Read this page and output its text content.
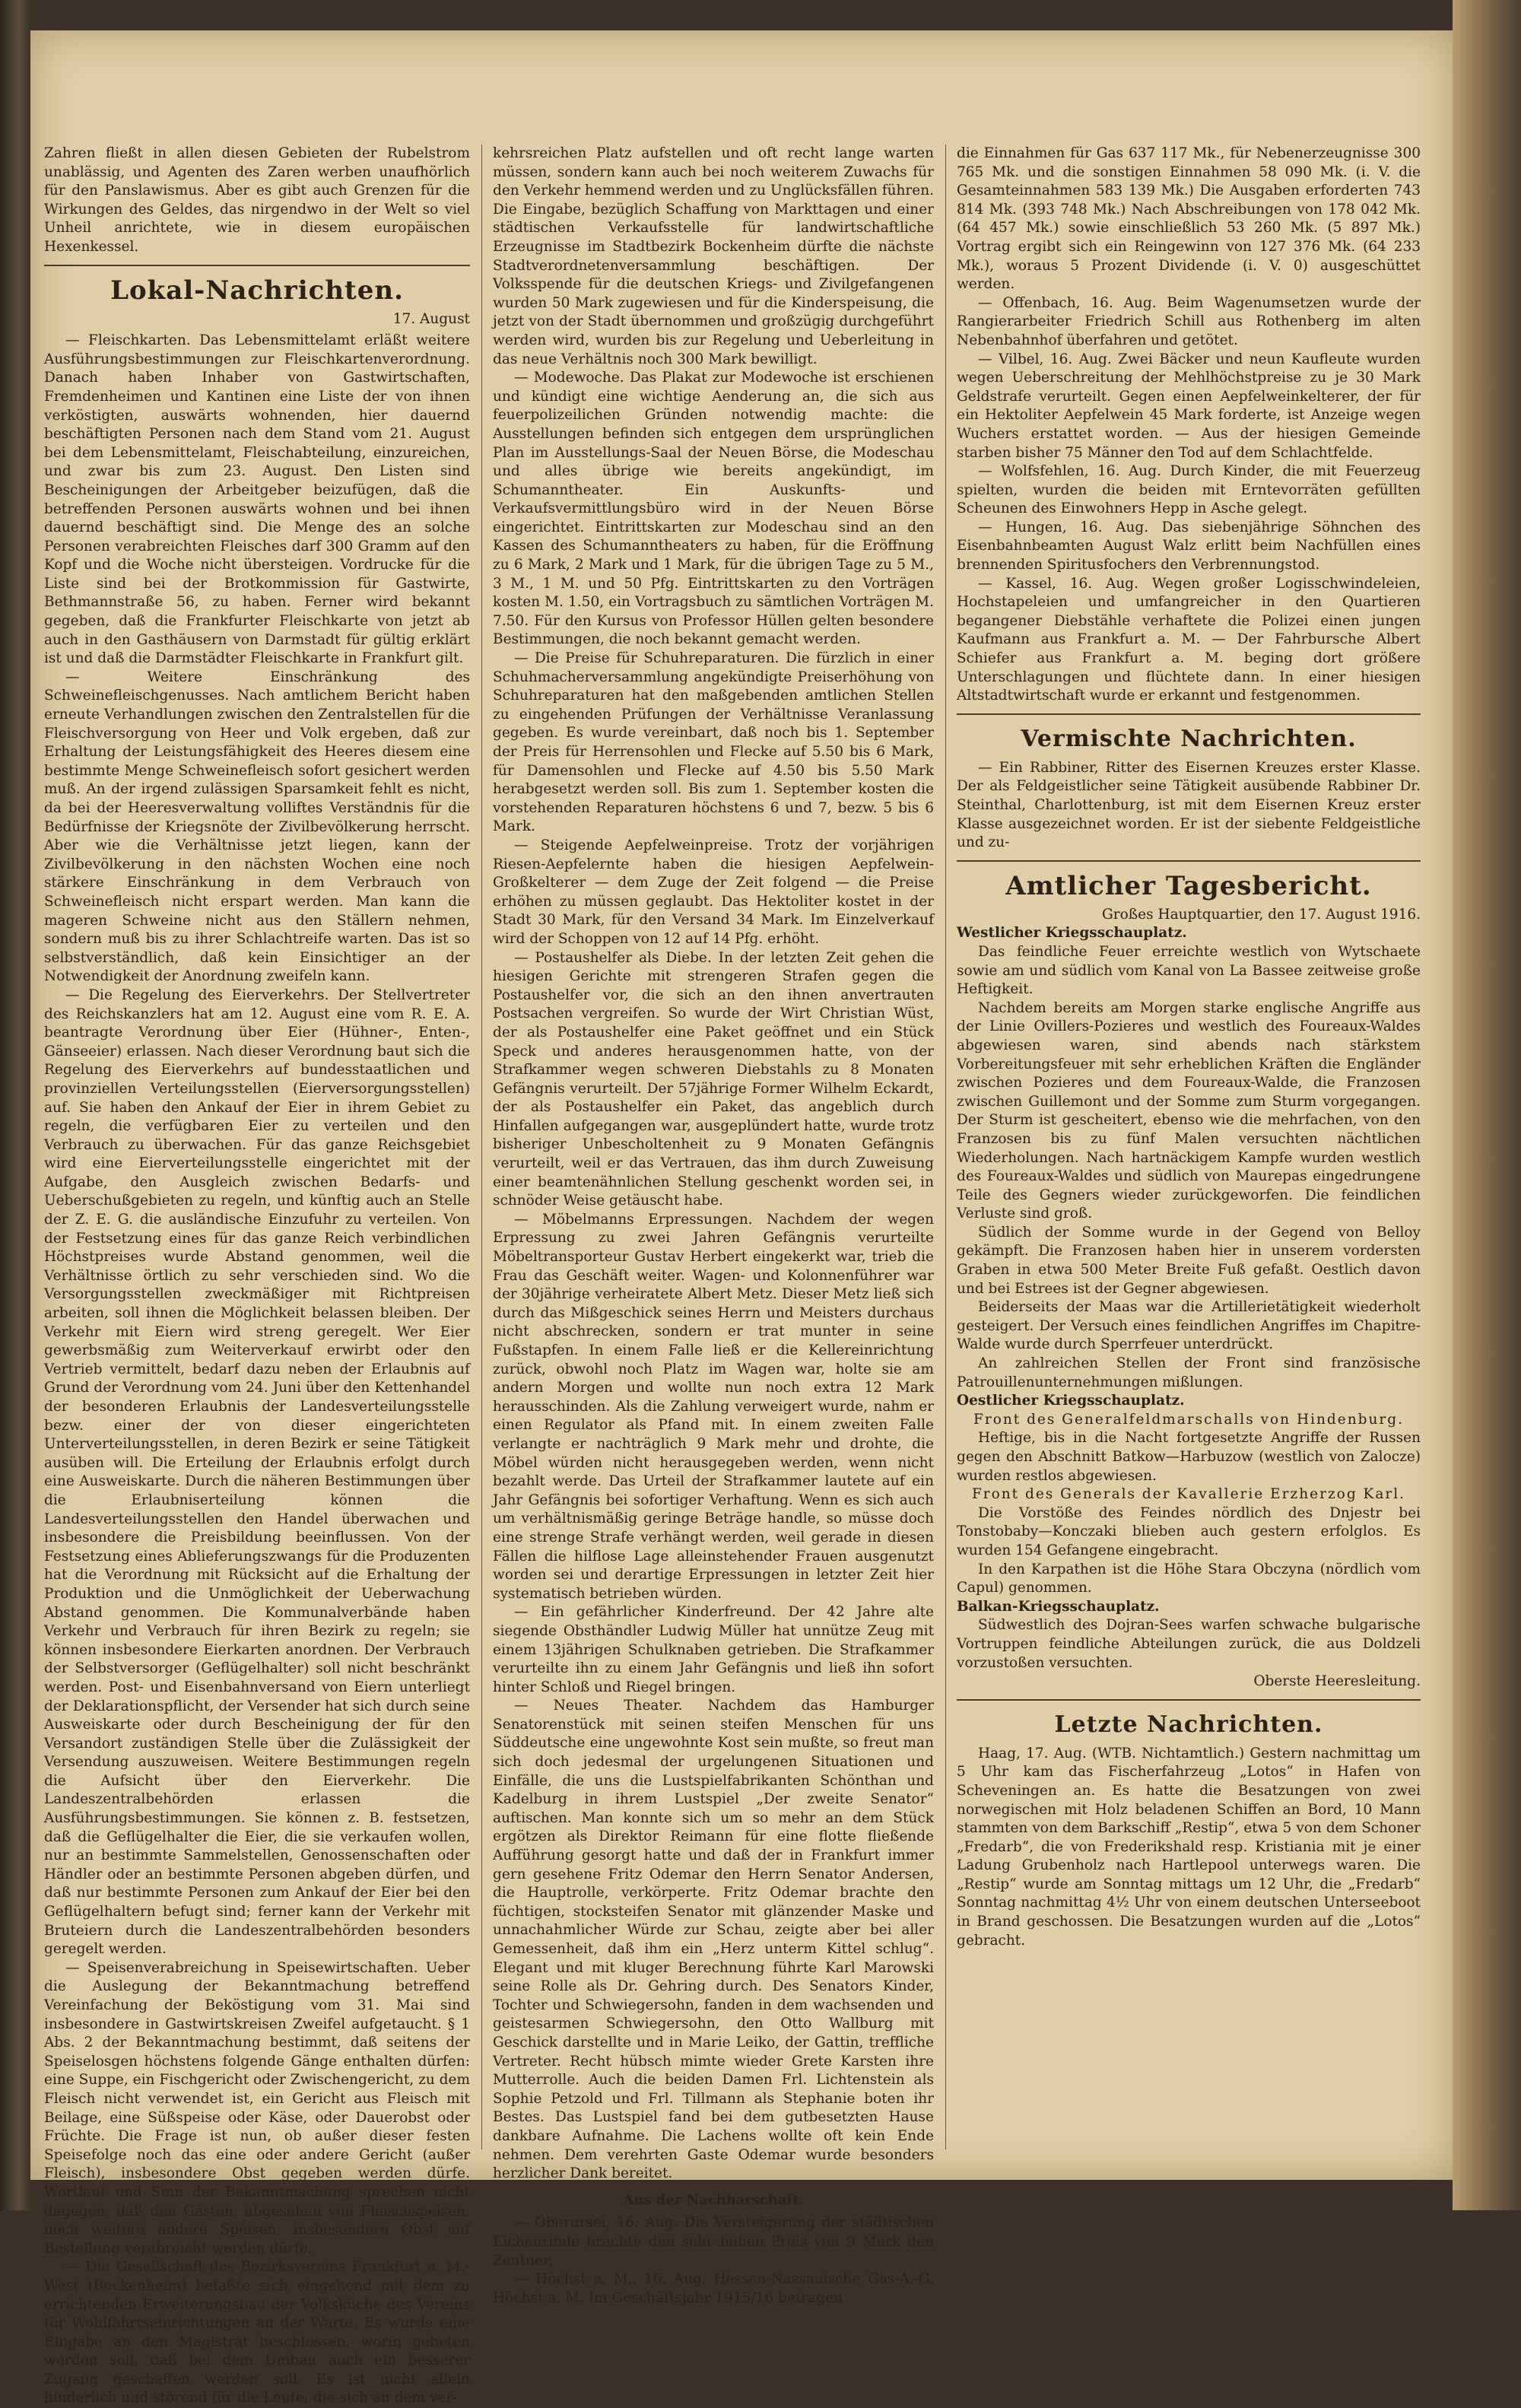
Zahren fließt in allen diesen Gebieten der Rubelstrom unablässig, und Agenten des Zaren werben unaufhörlich für den Panslawismus. Aber es gibt auch Grenzen für die Wirkungen des Geldes, das nirgendwo in der Welt so viel Unheil anrichtete, wie in diesem europäischen Hexenkessel.

Lokal-Nachrichten.
17. August

— Fleischkarten. Das Lebensmittelamt erläßt weitere Ausführungsbestimmungen zur Fleischkartenverordnung. Danach haben Inhaber von Gastwirtschaften, Fremdenheimen und Kantinen eine Liste der von ihnen verköstigten, auswärts wohnenden, hier dauernd beschäftigten Personen nach dem Stand vom 21. August bei dem Lebensmittelamt, Fleischabteilung, einzureichen, und zwar bis zum 23. August. Den Listen sind Bescheinigungen der Arbeitgeber beizufügen, daß die betreffenden Personen auswärts wohnen und bei ihnen dauernd beschäftigt sind. Die Menge des an solche Personen verabreichten Fleisches darf 300 Gramm auf den Kopf und die Woche nicht übersteigen. Vordrucke für die Liste sind bei der Brotkommission für Gastwirte, Bethmannstraße 56, zu haben. Ferner wird bekannt gegeben, daß die Frankfurter Fleischkarte von jetzt ab auch in den Gasthäusern von Darmstadt für gültig erklärt ist und daß die Darmstädter Fleischkarte in Frankfurt gilt.

— Weitere Einschränkung des Schweinefleischgenusses. Nach amtlichem Bericht haben erneute Verhandlungen zwischen den Zentralstellen für die Fleischversorgung von Heer und Volk ergeben, daß zur Erhaltung der Leistungsfähigkeit des Heeres diesem eine bestimmte Menge Schweinefleisch sofort gesichert werden muß. An der irgend zulässigen Sparsamkeit fehlt es nicht, da bei der Heeresverwaltung volliftes Verständnis für die Bedürfnisse der Kriegsnöte der Zivilbevölkerung herrscht. Aber wie die Verhältnisse jetzt liegen, kann der Zivilbevölkerung in den nächsten Wochen eine noch stärkere Einschränkung in dem Verbrauch von Schweinefleisch nicht erspart werden. Man kann die mageren Schweine nicht aus den Ställern nehmen, sondern muß bis zu ihrer Schlachtreife warten. Das ist so selbstverständlich, daß kein Einsichtiger an der Notwendigkeit der Anordnung zweifeln kann.

— Die Regelung des Eierverkehrs. Der Stellvertreter des Reichskanzlers hat am 12. August eine vom R. E. A. beantragte Verordnung über Eier (Hühner-, Enten-, Gänseeier) erlassen. Nach dieser Verordnung baut sich die Regelung des Eierverkehrs auf bundesstaatlichen und provinziellen Verteilungsstellen (Eierversorgungsstellen) auf. Sie haben den Ankauf der Eier in ihrem Gebiet zu regeln, die verfügbaren Eier zu verteilen und den Verbrauch zu überwachen. Für das ganze Reichsgebiet wird eine Eierverteilungsstelle eingerichtet mit der Aufgabe, den Ausgleich zwischen Bedarfs- und Ueberschußgebieten zu regeln, und künftig auch an Stelle der Z. E. G. die ausländische Einzufuhr zu verteilen. Von der Festsetzung eines für das ganze Reich verbindlichen Höchstpreises wurde Abstand genommen, weil die Verhältnisse örtlich zu sehr verschieden sind. Wo die Versorgungsstellen zweckmäßiger mit Richtpreisen arbeiten, soll ihnen die Möglichkeit belassen bleiben. Der Verkehr mit Eiern wird streng geregelt. Wer Eier gewerbsmäßig zum Weiterverkauf erwirbt oder den Vertrieb vermittelt, bedarf dazu neben der Erlaubnis auf Grund der Verordnung vom 24. Juni über den Kettenhandel der besonderen Erlaubnis der Landesverteilungsstelle bezw. einer der von dieser eingerichteten Unterverteilungsstellen, in deren Bezirk er seine Tätigkeit ausüben will. Die Erteilung der Erlaubnis erfolgt durch eine Ausweiskarte. Durch die näheren Bestimmungen über die Erlaubniserteilung können die Landesverteilungsstellen den Handel überwachen und insbesondere die Preisbildung beeinflussen. Von der Festsetzung eines Ablieferungszwangs für die Produzenten hat die Verordnung mit Rücksicht auf die Erhaltung der Produktion und die Unmöglichkeit der Ueberwachung Abstand genommen. Die Kommunalverbände haben Verkehr und Verbrauch für ihren Bezirk zu regeln; sie können insbesondere Eierkarten anordnen. Der Verbrauch der Selbstversorger (Geflügelhalter) soll nicht beschränkt werden. Post- und Eisenbahnversand von Eiern unterliegt der Deklarationspflicht, der Versender hat sich durch seine Ausweiskarte oder durch Bescheinigung der für den Versandort zuständigen Stelle über die Zulässigkeit der Versendung auszuweisen. Weitere Bestimmungen regeln die Aufsicht über den Eierverkehr. Die Landeszentralbehörden erlassen die Ausführungsbestimmungen. Sie können z. B. festsetzen, daß die Geflügelhalter die Eier, die sie verkaufen wollen, nur an bestimmte Sammelstellen, Genossenschaften oder Händler oder an bestimmte Personen abgeben dürfen, und daß nur bestimmte Personen zum Ankauf der Eier bei den Geflügelhaltern befugt sind; ferner kann der Verkehr mit Bruteiern durch die Landeszentralbehörden besonders geregelt werden.

— Speisenverabreichung in Speisewirtschaften. Ueber die Auslegung der Bekanntmachung betreffend Vereinfachung der Beköstigung vom 31. Mai sind insbesondere in Gastwirtskreisen Zweifel aufgetaucht. § 1 Abs. 2 der Bekanntmachung bestimmt, daß seitens der Speiselosgen höchstens folgende Gänge enthalten dürfen: eine Suppe, ein Fischgericht oder Zwischengericht, zu dem Fleisch nicht verwendet ist, ein Gericht aus Fleisch mit Beilage, eine Süßspeise oder Käse, oder Dauerobst oder Früchte. Die Frage ist nun, ob außer dieser festen Speisefolge noch das eine oder andere Gericht (außer Fleisch), insbesondere Obst gegeben werden dürfe. Wortlaut und Sinn der Bekanntmachung sprechen nicht dagegen, daß den Gästen, abgesehen von Fleischspeisen, noch weitere andere Speisen, insbesondere Obst auf Bestellung verabreicht werden dürfe.

— Die Gesellschaft des Bezirksvereins Frankfurt a. M.-West (Bockenheim) befaßte sich eingehend mit dem zu errichtenden Erweiterungsbau der Volksküche des Vereins für Wohlfahrtseinrichtungen an der Warte. Es wurde eine Eingabe an den Magistrat beschlossen, worin gebeten werden soll, daß bei dem Umbau auch ein besserer Zugang geschaffen werden soll. Es ist nicht allein hinderlich und störend für die Leute, die sich an dem ver-

kehrsreichen Platz aufstellen und oft recht lange warten müssen, sondern kann auch bei noch weiterem Zuwachs für den Verkehr hemmend werden und zu Unglücksfällen führen. Die Eingabe, bezüglich Schaffung von Markttagen und einer städtischen Verkaufsstelle für landwirtschaftliche Erzeugnisse im Stadtbezirk Bockenheim dürfte die nächste Stadtverordnetenversammlung beschäftigen. Der Volksspende für die deutschen Kriegs- und Zivilgefangenen wurden 50 Mark zugewiesen und für die Kinderspeisung, die jetzt von der Stadt übernommen und großzügig durchgeführt werden wird, wurden bis zur Regelung und Ueberleitung in das neue Verhältnis noch 300 Mark bewilligt.

— Modewoche. Das Plakat zur Modewoche ist erschienen und kündigt eine wichtige Aenderung an, die sich aus feuerpolizeilichen Gründen notwendig machte: die Ausstellungen befinden sich entgegen dem ursprünglichen Plan im Ausstellungs-Saal der Neuen Börse, die Modeschau und alles übrige wie bereits angekündigt, im Schumanntheater. Ein Auskunfts- und Verkaufsvermittlungsbüro wird in der Neuen Börse eingerichtet. Eintrittskarten zur Modeschau sind an den Kassen des Schumanntheaters zu haben, für die Eröffnung zu 6 Mark, 2 Mark und 1 Mark, für die übrigen Tage zu 5 M., 3 M., 1 M. und 50 Pfg. Eintrittskarten zu den Vorträgen kosten M. 1.50, ein Vortragsbuch zu sämtlichen Vorträgen M. 7.50. Für den Kursus von Professor Hüllen gelten besondere Bestimmungen, die noch bekannt gemacht werden.

— Die Preise für Schuhreparaturen. Die fürzlich in einer Schuhmacherversammlung angekündigte Preiserhöhung von Schuhreparaturen hat den maßgebenden amtlichen Stellen zu eingehenden Prüfungen der Verhältnisse Veranlassung gegeben. Es wurde vereinbart, daß noch bis 1. September der Preis für Herrensohlen und Flecke auf 5.50 bis 6 Mark, für Damensohlen und Flecke auf 4.50 bis 5.50 Mark herabgesetzt werden soll. Bis zum 1. September kosten die vorstehenden Reparaturen höchstens 6 und 7, bezw. 5 bis 6 Mark.

— Steigende Aepfelweinpreise. Trotz der vorjährigen Riesen-Aepfelernte haben die hiesigen Aepfelwein-Großkelterer — dem Zuge der Zeit folgend — die Preise erhöhen zu müssen geglaubt. Das Hektoliter kostet in der Stadt 30 Mark, für den Versand 34 Mark. Im Einzelverkauf wird der Schoppen von 12 auf 14 Pfg. erhöht.

— Postaushelfer als Diebe. In der letzten Zeit gehen die hiesigen Gerichte mit strengeren Strafen gegen die Postaushelfer vor, die sich an den ihnen anvertrauten Postsachen vergreifen. So wurde der Wirt Christian Wüst, der als Postaushelfer eine Paket geöffnet und ein Stück Speck und anderes herausgenommen hatte, von der Strafkammer wegen schweren Diebstahls zu 8 Monaten Gefängnis verurteilt. Der 57jährige Former Wilhelm Eckardt, der als Postaushelfer ein Paket, das angeblich durch Hinfallen aufgegangen war, ausgeplündert hatte, wurde trotz bisheriger Unbescholtenheit zu 9 Monaten Gefängnis verurteilt, weil er das Vertrauen, das ihm durch Zuweisung einer beamtenähnlichen Stellung geschenkt worden sei, in schnöder Weise getäuscht habe.

— Möbelmanns Erpressungen. Nachdem der wegen Erpressung zu zwei Jahren Gefängnis verurteilte Möbeltransporteur Gustav Herbert eingekerkt war, trieb die Frau das Geschäft weiter. Wagen- und Kolonnenführer war der 30jährige verheiratete Albert Metz. Dieser Metz ließ sich durch das Mißgeschick seines Herrn und Meisters durchaus nicht abschrecken, sondern er trat munter in seine Fußstapfen. In einem Falle ließ er die Kellereinrichtung zurück, obwohl noch Platz im Wagen war, holte sie am andern Morgen und wollte nun noch extra 12 Mark herausschinden. Als die Zahlung verweigert wurde, nahm er einen Regulator als Pfand mit. In einem zweiten Falle verlangte er nachträglich 9 Mark mehr und drohte, die Möbel würden nicht herausgegeben werden, wenn nicht bezahlt werde. Das Urteil der Strafkammer lautete auf ein Jahr Gefängnis bei sofortiger Verhaftung. Wenn es sich auch um verhältnismäßig geringe Beträge handle, so müsse doch eine strenge Strafe verhängt werden, weil gerade in diesen Fällen die hilflose Lage alleinstehender Frauen ausgenutzt worden sei und derartige Erpressungen in letzter Zeit hier systematisch betrieben würden.

— Ein gefährlicher Kinderfreund. Der 42 Jahre alte siegende Obsthändler Ludwig Müller hat unnütze Zeug mit einem 13jährigen Schulknaben getrieben. Die Strafkammer verurteilte ihn zu einem Jahr Gefängnis und ließ ihn sofort hinter Schloß und Riegel bringen.

— Neues Theater. Nachdem das Hamburger Senatorenstück mit seinen steifen Menschen für uns Süddeutsche eine ungewohnte Kost sein mußte, so freut man sich doch jedesmal der urgelungenen Situationen und Einfälle, die uns die Lustspielfabrikanten Schönthan und Kadelburg in ihrem Lustspiel „Der zweite Senator“ auftischen. Man konnte sich um so mehr an dem Stück ergötzen als Direktor Reimann für eine flotte fließende Aufführung gesorgt hatte und daß der in Frankfurt immer gern gesehene Fritz Odemar den Herrn Senator Andersen, die Hauptrolle, verkörperte. Fritz Odemar brachte den füchtigen, stocksteifen Senator mit glänzender Maske und unnachahmlicher Würde zur Schau, zeigte aber bei aller Gemessenheit, daß ihm ein „Herz unterm Kittel schlug“. Elegant und mit kluger Berechnung führte Karl Marowski seine Rolle als Dr. Gehring durch. Des Senators Kinder, Tochter und Schwiegersohn, fanden in dem wachsenden und geistesarmen Schwiegersohn, den Otto Wallburg mit Geschick darstellte und in Marie Leiko, der Gattin, treffliche Vertreter. Recht hübsch mimte wieder Grete Karsten ihre Mutterrolle. Auch die beiden Damen Frl. Lichtenstein als Sophie Petzold und Frl. Tillmann als Stephanie boten ihr Bestes. Das Lustspiel fand bei dem gutbesetzten Hause dankbare Aufnahme. Die Lachens wollte oft kein Ende nehmen. Dem verehrten Gaste Odemar wurde besonders herzlicher Dank bereitet.

Aus der Nachbarschaft.

— Oberursel, 16. Aug. Die Versteigerung der städtischen Eichenrinde brachte den sehr hohen Preis von 9 Mark den Zentner.

— Höchst a. M., 16. Aug. Hessen-Nassauische Gas-A.-G. Höchst a. M. Im Geschäftsjahr 1915/16 betragen

die Einnahmen für Gas 637 117 Mk., für Nebenerzeugnisse 300 765 Mk. und die sonstigen Einnahmen 58 090 Mk. (i. V. die Gesamteinnahmen 583 139 Mk.) Die Ausgaben erforderten 743 814 Mk. (393 748 Mk.) Nach Abschreibungen von 178 042 Mk. (64 457 Mk.) sowie einschließlich 53 260 Mk. (5 897 Mk.) Vortrag ergibt sich ein Reingewinn von 127 376 Mk. (64 233 Mk.), woraus 5 Prozent Dividende (i. V. 0) ausgeschüttet werden.

— Offenbach, 16. Aug. Beim Wagenumsetzen wurde der Rangierarbeiter Friedrich Schill aus Rothenberg im alten Nebenbahnhof überfahren und getötet.

— Vilbel, 16. Aug. Zwei Bäcker und neun Kaufleute wurden wegen Ueberschreitung der Mehlhöchstpreise zu je 30 Mark Geldstrafe verurteilt. Gegen einen Aepfelweinkelterer, der für ein Hektoliter Aepfelwein 45 Mark forderte, ist Anzeige wegen Wuchers erstattet worden. — Aus der hiesigen Gemeinde starben bisher 75 Männer den Tod auf dem Schlachtfelde.

— Wolfsfehlen, 16. Aug. Durch Kinder, die mit Feuerzeug spielten, wurden die beiden mit Erntevorräten gefüllten Scheunen des Einwohners Hepp in Asche gelegt.

— Hungen, 16. Aug. Das siebenjährige Söhnchen des Eisenbahnbeamten August Walz erlitt beim Nachfüllen eines brennenden Spiritusfochers den Verbrennungstod.

— Kassel, 16. Aug. Wegen großer Logisschwindeleien, Hochstapeleien und umfangreicher in den Quartieren begangener Diebstähle verhaftete die Polizei einen jungen Kaufmann aus Frankfurt a. M. — Der Fahrbursche Albert Schiefer aus Frankfurt a. M. beging dort größere Unterschlagungen und flüchtete dann. In einer hiesigen Altstadtwirtschaft wurde er erkannt und festgenommen.

Vermischte Nachrichten.

— Ein Rabbiner, Ritter des Eisernen Kreuzes erster Klasse. Der als Feldgeistlicher seine Tätigkeit ausübende Rabbiner Dr. Steinthal, Charlottenburg, ist mit dem Eisernen Kreuz erster Klasse ausgezeichnet worden. Er ist der siebente Feldgeistliche und zu-

Amtlicher Tagesbericht.

Großes Hauptquartier, den 17. August 1916.

Westlicher Kriegsschauplatz.

Das feindliche Feuer erreichte westlich von Wytschaete sowie am und südlich vom Kanal von La Bassee zeitweise große Heftigkeit.

Nachdem bereits am Morgen starke englische Angriffe aus der Linie Ovillers-Pozieres und westlich des Foureaux-Waldes abgewiesen waren, sind abends nach stärkstem Vorbereitungsfeuer mit sehr erheblichen Kräften die Engländer zwischen Pozieres und dem Foureaux-Walde, die Franzosen zwischen Guillemont und der Somme zum Sturm vorgegangen. Der Sturm ist gescheitert, ebenso wie die mehrfachen, von den Franzosen bis zu fünf Malen versuchten nächtlichen Wiederholungen. Nach hartnäckigem Kampfe wurden westlich des Foureaux-Waldes und südlich von Maurepas eingedrungene Teile des Gegners wieder zurückgeworfen. Die feindlichen Verluste sind groß.

Südlich der Somme wurde in der Gegend von Belloy gekämpft. Die Franzosen haben hier in unserem vordersten Graben in etwa 500 Meter Breite Fuß gefaßt. Oestlich davon und bei Estrees ist der Gegner abgewiesen.

Beiderseits der Maas war die Artillerietätigkeit wiederholt gesteigert. Der Versuch eines feindlichen Angriffes im Chapitre-Walde wurde durch Sperrfeuer unterdrückt.

An zahlreichen Stellen der Front sind französische Patrouillenunternehmungen mißlungen.

Oestlicher Kriegsschauplatz.

Front des Generalfeldmarschalls von Hindenburg.

Heftige, bis in die Nacht fortgesetzte Angriffe der Russen gegen den Abschnitt Batkow—Harbuzow (westlich von Zalocze) wurden restlos abgewiesen.

Front des Generals der Kavallerie Erzherzog Karl.

Die Vorstöße des Feindes nördlich des Dnjestr bei Tonstobaby—Konczaki blieben auch gestern erfolglos. Es wurden 154 Gefangene eingebracht.

In den Karpathen ist die Höhe Stara Obczyna (nördlich vom Capul) genommen.

Balkan-Kriegsschauplatz.

Südwestlich des Dojran-Sees warfen schwache bulgarische Vortruppen feindliche Abteilungen zurück, die aus Doldzeli vorzustoßen versuchten.

Oberste Heeresleitung.

Letzte Nachrichten.

Haag, 17. Aug. (WTB. Nichtamtlich.) Gestern nachmittag um 5 Uhr kam das Fischerfahrzeug „Lotos“ in Hafen von Scheveningen an. Es hatte die Besatzungen von zwei norwegischen mit Holz beladenen Schiffen an Bord, 10 Mann stammten von dem Barkschiff „Restip“, etwa 5 von dem Schoner „Fredarb“, die von Frederikshald resp. Kristiania mit je einer Ladung Grubenholz nach Hartlepool unterwegs waren. Die „Restip“ wurde am Sonntag mittags um 12 Uhr, die „Fredarb“ Sonntag nachmittag 4½ Uhr von einem deutschen Unterseeboot in Brand geschossen. Die Besatzungen wurden auf die „Lotos“ gebracht.
